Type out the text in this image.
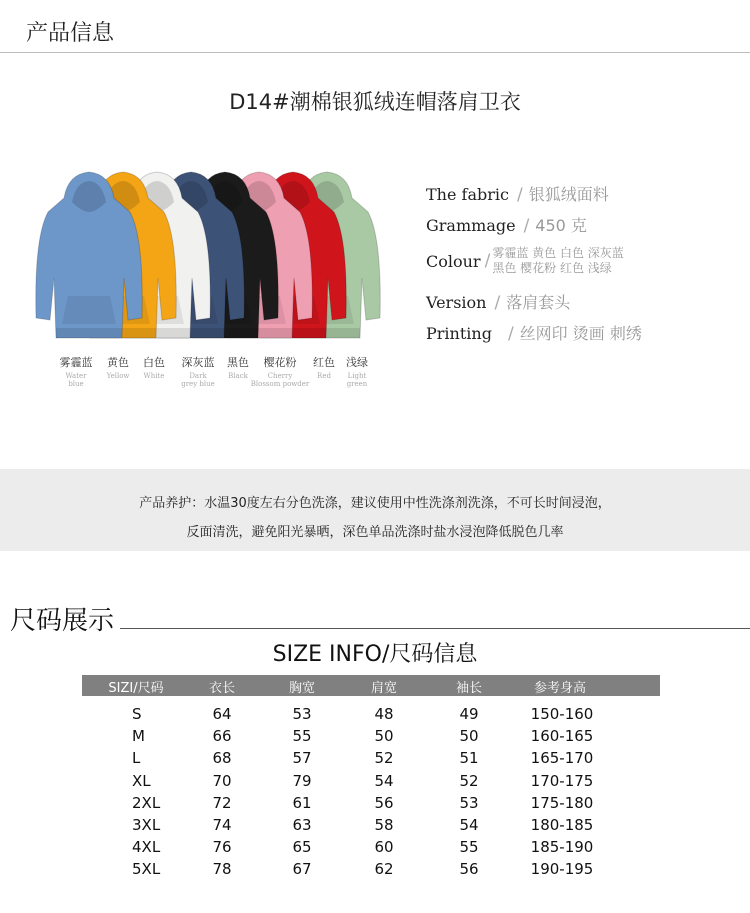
产品信息
D14#潮棉银狐绒连帽落肩卫衣
雾霾蓝
Water
blue
黄色
Yellow
白色
White
深灰蓝
Dark
grey blue
黑色
Black
樱花粉
Cherry
Blossom powder
红色
Red
浅绿
Light
green
The fabric / 银狐绒面料
Grammage / 450 克
Colour / 雾霾蓝 黄色 白色 深灰蓝
黑色 樱花粉 红色 浅绿
Version / 落肩套头
Printing / 丝网印 烫画 刺绣
产品养护：水温30度左右分色洗涤，建议使用中性洗涤剂洗涤，不可长时间浸泡，
反面清洗，避免阳光暴晒，深色单品洗涤时盐水浸泡降低脱色几率
尺码展示
SIZE INFO/尺码信息
SIZI/尺码	衣长	胸宽	肩宽	袖长	参考身高
S	64	53	48	49	150-160
M	66	55	50	50	160-165
L	68	57	52	51	165-170
XL	70	79	54	52	170-175
2XL	72	61	56	53	175-180
3XL	74	63	58	54	180-185
4XL	76	65	60	55	185-190
5XL	78	67	62	56	190-195
